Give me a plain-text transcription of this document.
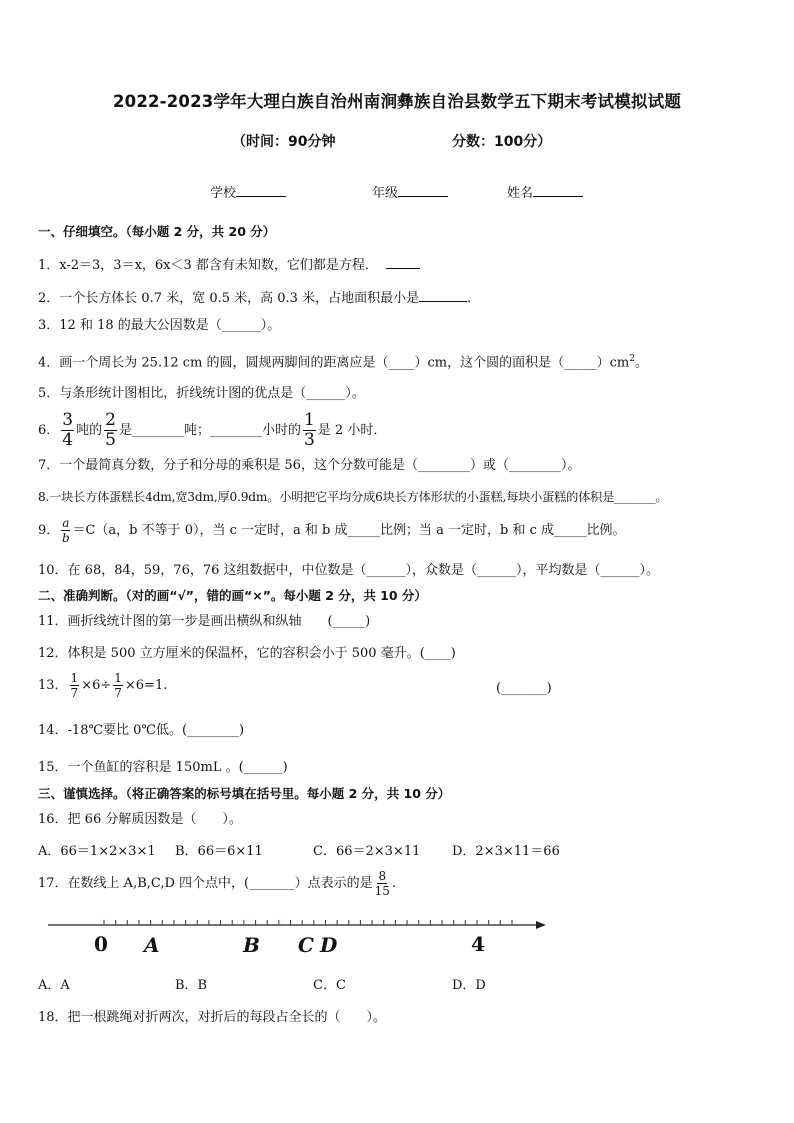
2022-2023学年大理白族自治州南涧彝族自治县数学五下期末考试模拟试题
（时间：90分钟	分数：100分）
学校	年级	姓名
一、仔细填空。（每小题 2 分，共 20 分）
1．x-2＝3，3＝x，6x＜3 都含有未知数，它们都是方程．
3．12 和 18 的最大公因数是（______）。
2．一个长方体长 0.7 米，宽 0.5 米，高 0.3 米，占地面积最小是	．
4．画一个周长为 25.12 cm 的圆，圆规两脚间的距离应是（____）cm，这个圆的面积是$(\_\_\_\_\_)cm^2$。
5．与条形统计图相比，折线统计图的优点是（______）。
6． $\frac{3}{4}$ 吨的 $\frac{2}{5}$ 是________吨；________小时的 $\frac{1}{3}$ 是 2 小时．
7．一个最简真分数，分子和分母的乘积是 56，这个分数可能是（________）或（________）。
8.一块长方体蛋糕长4dm,宽3dm,厚0.9dm。小明把它平均分成6块长方体形状的小蛋糕,每块小蛋糕的体积是_______。
9． $\frac{a}{b} =C(a$，b 不等于 0），当 c 一定时，a 和 b 成_____比例；当 a 一定时，b 和 c 成_____比例。
10．在 68，84，59，76，76 这组数据中，中位数是（______），众数是（______），平均数是（______）。
二、准确判断。（对的画“√”，错的画“×”。每小题 2 分，共 10 分）
11．画折线统计图的第一步是画出横纵和纵轴　　(_____)
12．体积是 500 立方厘米的保温杯，它的容积会小于 500 毫升。(____)
13． $\frac{1}{7} \times 6\div \frac{1}{7} \times 6=1$.	(_______)
14．-18℃要比 0℃低。(________)
15．一个鱼缸的容积是 150mL 。(______)
三、谨慎选择。（将正确答案的标号填在括号里。每小题 2 分，共 10 分）
16．把 66 分解质因数是（　　）。
A．66＝1×2×3×1 B．66＝6×11	C．66＝2×3×11 D．2×3×11＝66
17．在数线上 A,B,C,D 四个点中，(_______）点表示的是 $\frac{8}{15}$ .
0 A	B C D	4
A．A	B．B	C．C	D．D
18．把一根跳绳对折两次，对折后的每段占全长的（　　）。
